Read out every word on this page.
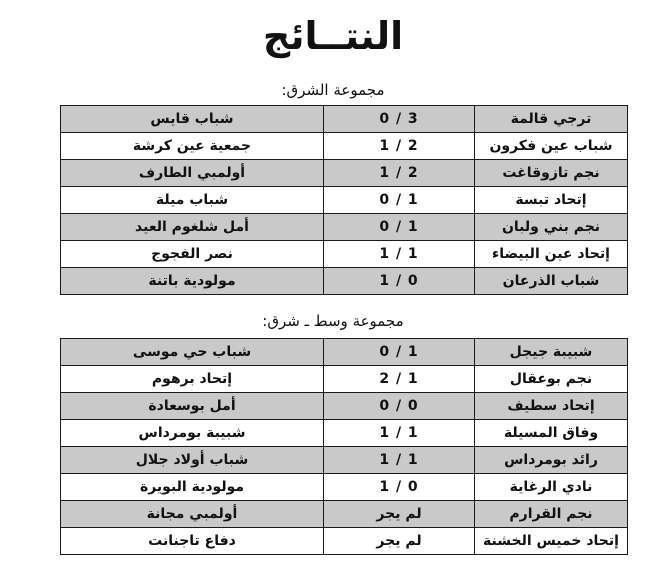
النتــائج
مجموعة الشرق:
ترجي قالمة	0 / 3	شباب قايس
شباب عين فكرون	1 / 2	جمعية عين كرشة
نجم تازوقاغت	1 / 2	أولمبي الطارف
إتحاد تبسة	0 / 1	شباب ميلة
نجم بني ولبان	0 / 1	أمل شلغوم العيد
إتحاد عين البيضاء	1 / 1	نصر الفجوج
شباب الذرعان	1 / 0	مولودية باتنة
مجموعة وسط ـ شرق:
شبيبة جيجل	0 / 1	شباب حي موسى
نجم بوعقال	2 / 1	إتحاد برهوم
إتحاد سطيف	0 / 0	أمل بوسعادة
وفاق المسيلة	1 / 1	شبيبة بومرداس
رائد بومرداس	1 / 1	شباب أولاد جلال
نادي الرغاية	1 / 0	مولودية البويرة
نجم القرارم	لم يجر	أولمبي مجانة
إتحاد خميس الخشنة	لم يجر	دفاع تاجنانت
